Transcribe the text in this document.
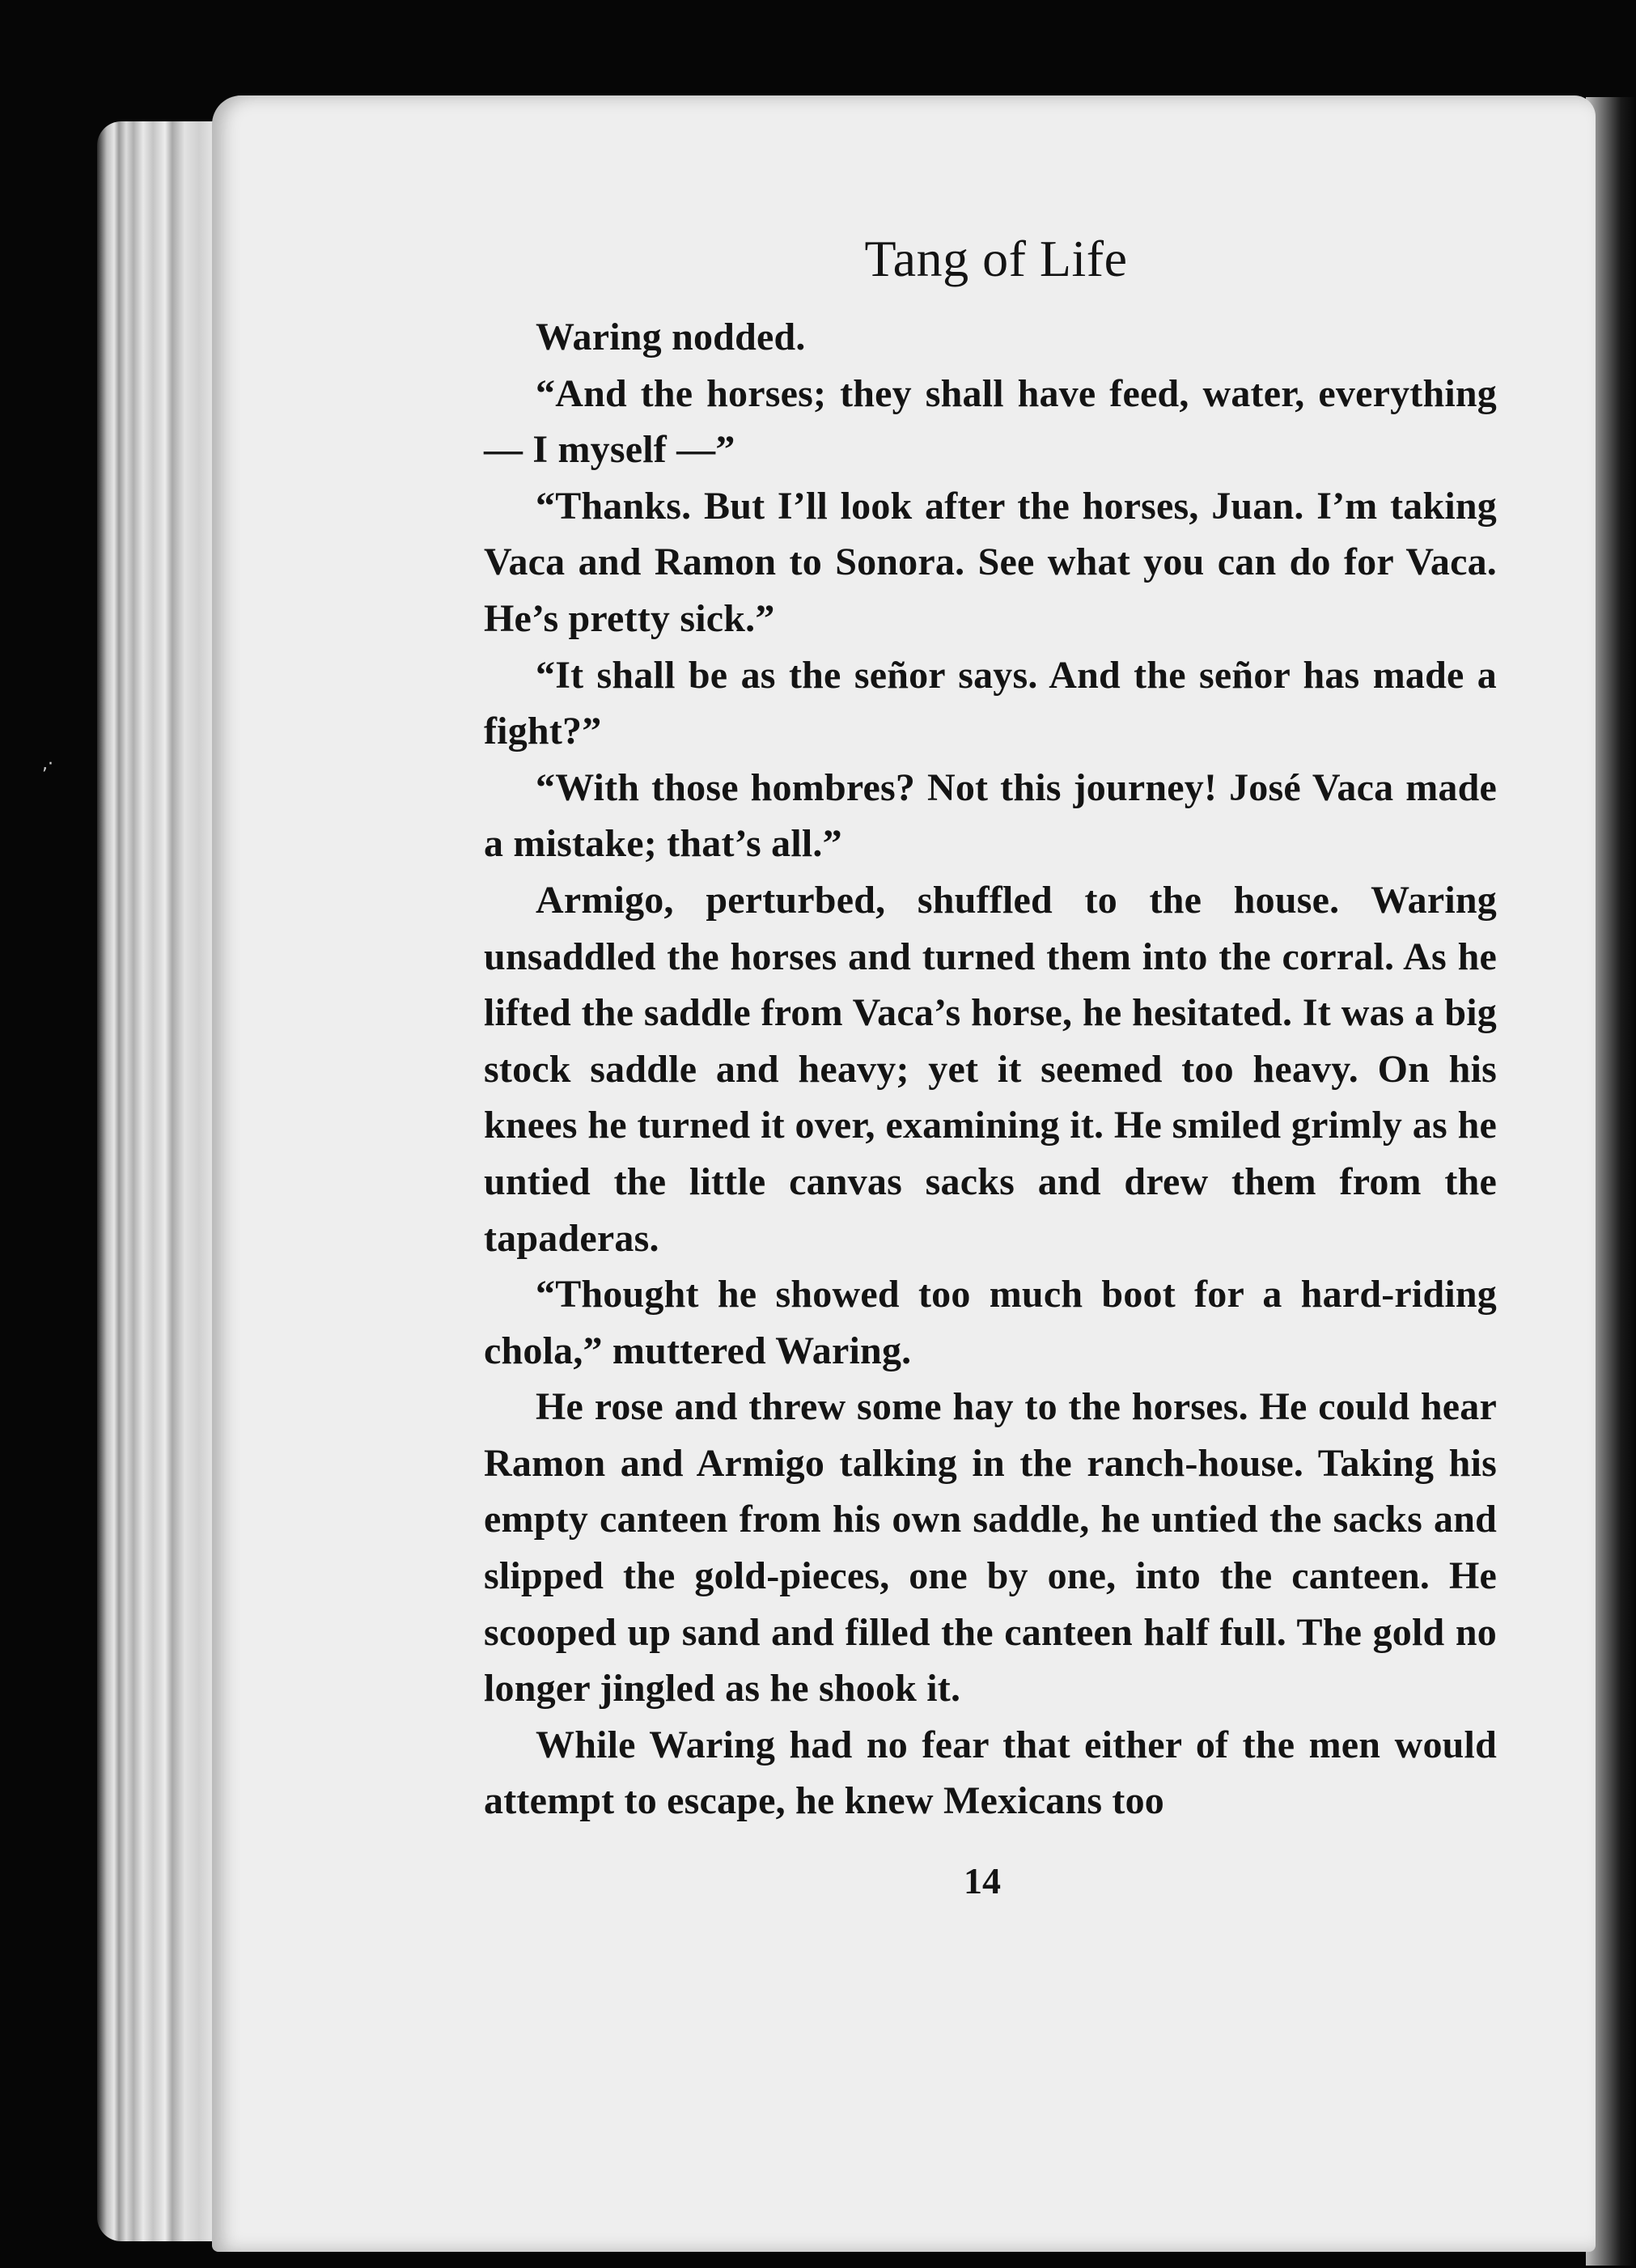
,·
Tang of Life

Waring nodded.

“And the horses; they shall have feed, water, everything — I myself —”

“Thanks. But I’ll look after the horses, Juan. I’m taking Vaca and Ramon to Sonora. See what you can do for Vaca. He’s pretty sick.”

“It shall be as the señor says. And the señor has made a fight?”

“With those hombres? Not this journey! José Vaca made a mistake; that’s all.”

Armigo, perturbed, shuffled to the house. Waring unsaddled the horses and turned them into the corral. As he lifted the saddle from Vaca’s horse, he hesitated. It was a big stock saddle and heavy; yet it seemed too heavy. On his knees he turned it over, examining it. He smiled grimly as he untied the little canvas sacks and drew them from the tapaderas.

“Thought he showed too much boot for a hard-riding chola,” muttered Waring.

He rose and threw some hay to the horses. He could hear Ramon and Armigo talking in the ranch-house. Taking his empty canteen from his own saddle, he untied the sacks and slipped the gold-pieces, one by one, into the canteen. He scooped up sand and filled the canteen half full. The gold no longer jingled as he shook it.

While Waring had no fear that either of the men would attempt to escape, he knew Mexicans too

14
